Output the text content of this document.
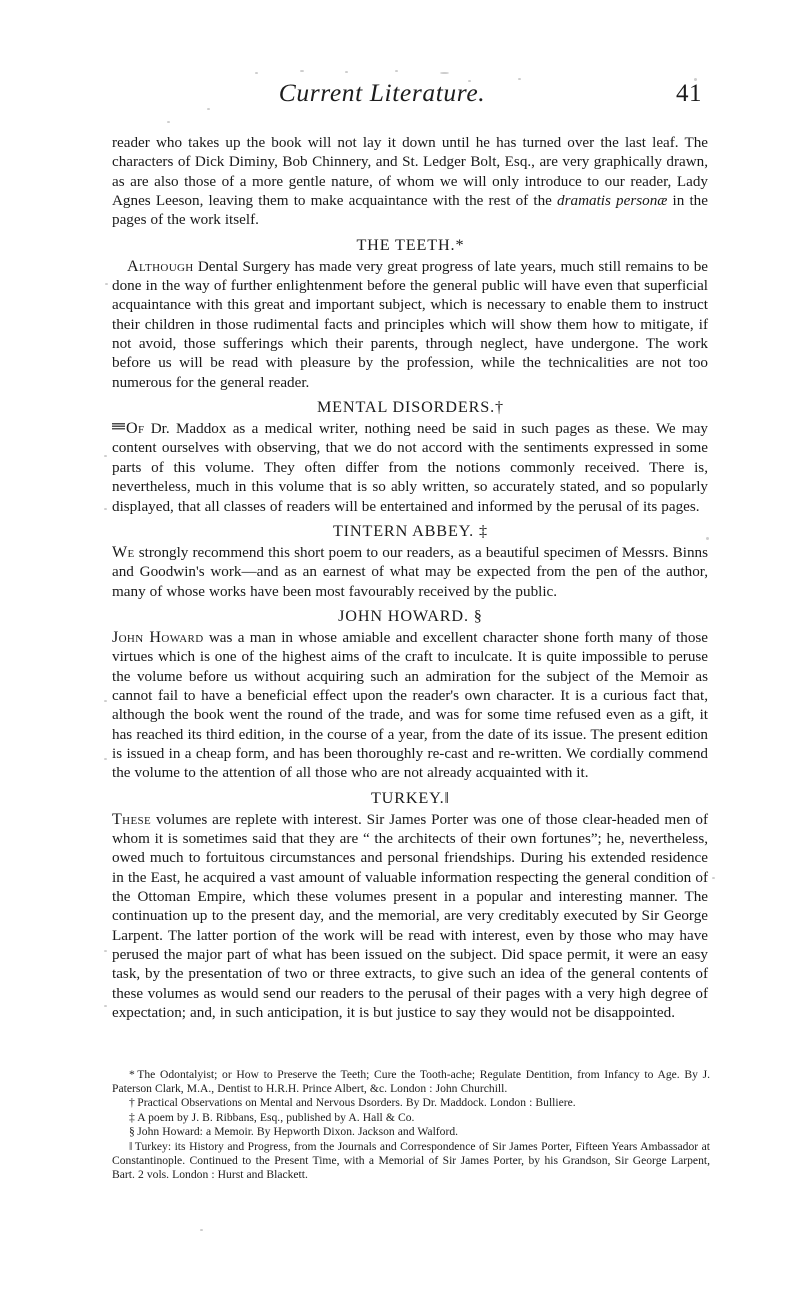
Current Literature.	41

reader who takes up the book will not lay it down until he has turned over the last leaf. The characters of Dick Diminy, Bob Chinnery, and St. Ledger Bolt, Esq., are very graphically drawn, as are also those of a more gentle nature, of whom we will only introduce to our reader, Lady Agnes Leeson, leaving them to make acquaintance with the rest of the dramatis personæ in the pages of the work itself.

THE TEETH.*

Although Dental Surgery has made very great progress of late years, much still remains to be done in the way of further enlightenment before the general public will have even that superficial acquaintance with this great and important subject, which is necessary to enable them to instruct their children in those rudimental facts and principles which will show them how to mitigate, if not avoid, those sufferings which their parents, through neglect, have undergone. The work before us will be read with pleasure by the profession, while the technicalities are not too numerous for the general reader.

MENTAL DISORDERS.†

Of Dr. Maddox as a medical writer, nothing need be said in such pages as these. We may content ourselves with observing, that we do not accord with the sentiments expressed in some parts of this volume. They often differ from the notions commonly received. There is, nevertheless, much in this volume that is so ably written, so accurately stated, and so popularly displayed, that all classes of readers will be entertained and informed by the perusal of its pages.

TINTERN ABBEY. ‡

We strongly recommend this short poem to our readers, as a beautiful specimen of Messrs. Binns and Goodwin's work—and as an earnest of what may be expected from the pen of the author, many of whose works have been most favourably received by the public.

JOHN HOWARD. §

John Howard was a man in whose amiable and excellent character shone forth many of those virtues which is one of the highest aims of the craft to inculcate. It is quite impossible to peruse the volume before us without acquiring such an admiration for the subject of the Memoir as cannot fail to have a beneficial effect upon the reader's own character. It is a curious fact that, although the book went the round of the trade, and was for some time refused even as a gift, it has reached its third edition, in the course of a year, from the date of its issue. The present edition is issued in a cheap form, and has been thoroughly re-cast and re-written. We cordially commend the volume to the attention of all those who are not already acquainted with it.

TURKEY.‖

These volumes are replete with interest. Sir James Porter was one of those clear-headed men of whom it is sometimes said that they are “ the architects of their own fortunes”; he, nevertheless, owed much to fortuitous circumstances and personal friendships. During his extended residence in the East, he acquired a vast amount of valuable information respecting the general condition of the Ottoman Empire, which these volumes present in a popular and interesting manner. The continuation up to the present day, and the memorial, are very creditably executed by Sir George Larpent. The latter portion of the work will be read with interest, even by those who may have perused the major part of what has been issued on the subject. Did space permit, it were an easy task, by the presentation of two or three extracts, to give such an idea of the general contents of these volumes as would send our readers to the perusal of their pages with a very high degree of expectation; and, in such anticipation, it is but justice to say they would not be disappointed.

* The Odontalyist; or How to Preserve the Teeth; Cure the Tooth-ache; Regulate Dentition, from Infancy to Age. By J. Paterson Clark, M.A., Dentist to H.R.H. Prince Albert, &c. London : John Churchill.

† Practical Observations on Mental and Nervous Dsorders. By Dr. Maddock. London : Bulliere.

‡ A poem by J. B. Ribbans, Esq., published by A. Hall & Co.

§ John Howard: a Memoir. By Hepworth Dixon. Jackson and Walford.

‖ Turkey: its History and Progress, from the Journals and Correspondence of Sir James Porter, Fifteen Years Ambassador at Constantinople. Continued to the Present Time, with a Memorial of Sir James Porter, by his Grandson, Sir George Larpent, Bart. 2 vols. London : Hurst and Blackett.
